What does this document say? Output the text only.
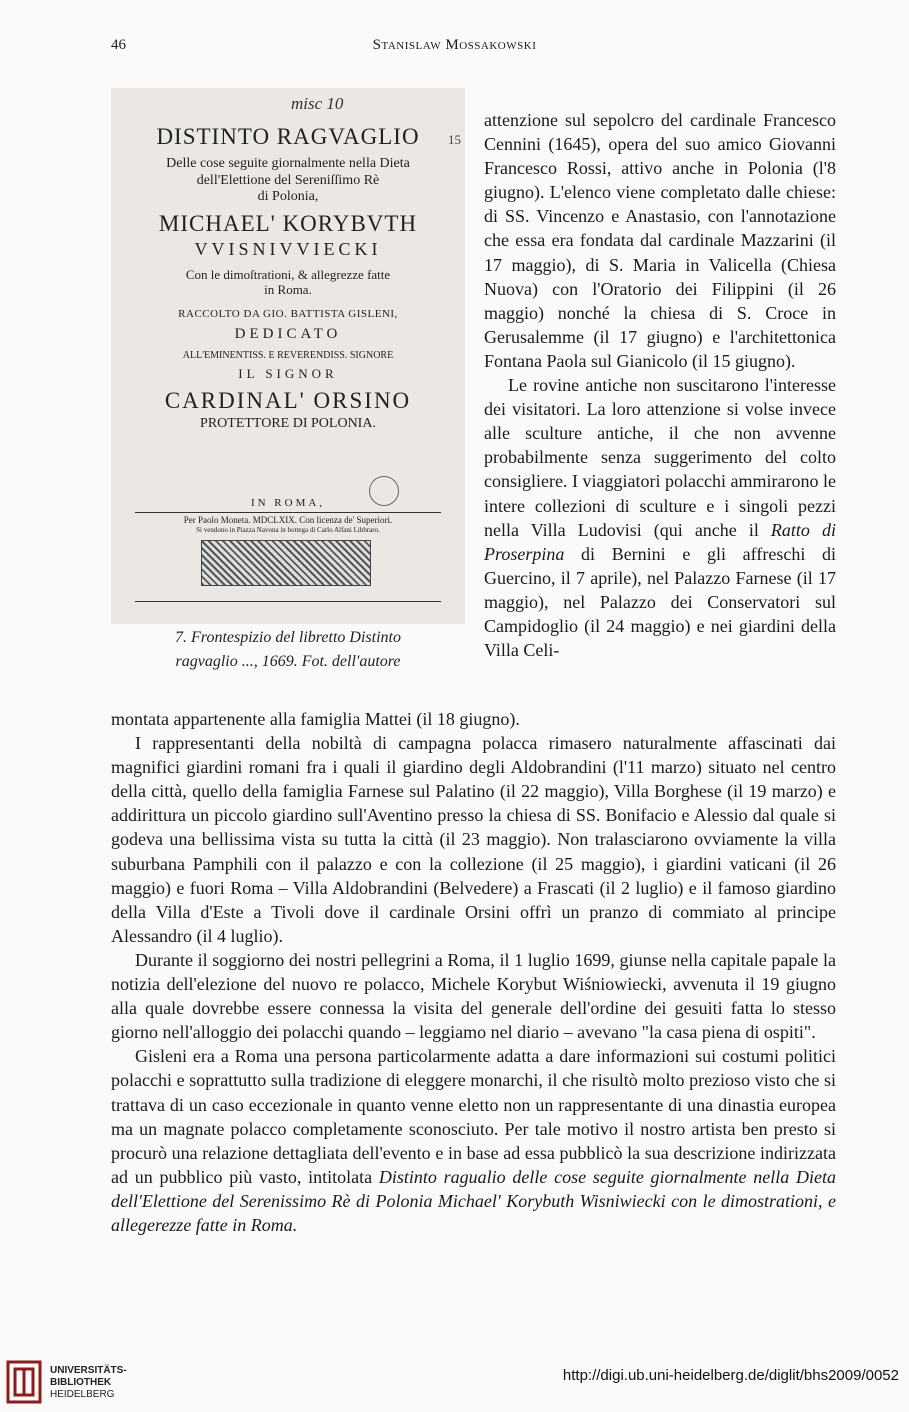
46	Stanislaw Mossakowski
misc 10
15

DISTINTO RAGVAGLIO

Delle cose seguite giornalmente nella Dieta

dell'Elettione del Sereniſſimo Rè

di Polonia,

MICHAEL' KORYBVTH

VVISNIVVIECKI

Con le dimoſtrationi, & allegrezze fatte

in Roma.

RACCOLTO DA GIO. BATTISTA GISLENI,

DEDICATO

ALL'EMINENTISS. E REVERENDISS. SIGNORE

IL SIGNOR

CARDINAL' ORSINO

PROTETTORE DI POLONIA.

IN ROMA,

Per Paolo Moneta. MDCLXIX. Con licenza de' Superiori.

Si vendono in Piazza Navona in bottega di Carlo Alfani Libbraro.

7. Frontespizio del libretto Distinto
ragvaglio ..., 1669. Fot. dell'autore

attenzione sul sepolcro del cardinale Francesco Cennini (1645), opera del suo amico Giovanni Francesco Rossi, attivo anche in Polonia (l'8 giugno). L'elenco viene completato dalle chiese: di SS. Vincenzo e Anastasio, con l'annotazione che essa era fondata dal cardinale Mazzarini (il 17 maggio), di S. Maria in Valicella (Chiesa Nuova) con l'Oratorio dei Filippini (il 26 maggio) nonché la chiesa di S. Croce in Gerusalemme (il 17 giugno) e l'architettonica Fontana Paola sul Gianicolo (il 15 giugno).

Le rovine antiche non suscitarono l'interesse dei visitatori. La loro attenzione si volse invece alle sculture antiche, il che non avvenne probabilmente senza suggerimento del colto consigliere. I viaggiatori polacchi ammirarono le intere collezioni di sculture e i singoli pezzi nella Villa Ludovisi (qui anche il Ratto di Proserpina di Bernini e gli affreschi di Guercino, il 7 aprile), nel Palazzo Farnese (il 17 maggio), nel Palazzo dei Conservatori sul Campidoglio (il 24 maggio) e nei giardini della Villa Celi-

montata appartenente alla famiglia Mattei (il 18 giugno).

I rappresentanti della nobiltà di campagna polacca rimasero naturalmente affascinati dai magnifici giardini romani fra i quali il giardino degli Aldobrandini (l'11 marzo) situato nel centro della città, quello della famiglia Farnese sul Palatino (il 22 maggio), Villa Borghese (il 19 marzo) e addirittura un piccolo giardino sull'Aventino presso la chiesa di SS. Bonifacio e Alessio dal quale si godeva una bellissima vista su tutta la città (il 23 maggio). Non tralasciarono ovviamente la villa suburbana Pamphili con il palazzo e con la collezione (il 25 maggio), i giardini vaticani (il 26 maggio) e fuori Roma – Villa Aldobrandini (Belvedere) a Frascati (il 2 luglio) e il famoso giardino della Villa d'Este a Tivoli dove il cardinale Orsini offrì un pranzo di commiato al principe Alessandro (il 4 luglio).

Durante il soggiorno dei nostri pellegrini a Roma, il 1 luglio 1699, giunse nella capitale papale la notizia dell'elezione del nuovo re polacco, Michele Korybut Wiśniowiecki, avvenuta il 19 giugno alla quale dovrebbe essere connessa la visita del generale dell'ordine dei gesuiti fatta lo stesso giorno nell'alloggio dei polacchi quando – leggiamo nel diario – avevano "la casa piena di ospiti".

Gisleni era a Roma una persona particolarmente adatta a dare informazioni sui costumi politici polacchi e soprattutto sulla tradizione di eleggere monarchi, il che risultò molto prezioso visto che si trattava di un caso eccezionale in quanto venne eletto non un rappresentante di una dinastia europea ma un magnate polacco completamente sconosciuto. Per tale motivo il nostro artista ben presto si procurò una relazione dettagliata dell'evento e in base ad essa pubblicò la sua descrizione indirizzata ad un pubblico più vasto, intitolata Distinto ragualio delle cose seguite giornalmente nella Dieta dell'Elettione del Serenissimo Rè di Polonia Michael' Korybuth Wisniwiecki con le dimostrationi, e allegerezze fatte in Roma.

UNIVERSITÄTS-
BIBLIOTHEK
HEIDELBERG
http://digi.ub.uni-heidelberg.de/diglit/bhs2009/0052
